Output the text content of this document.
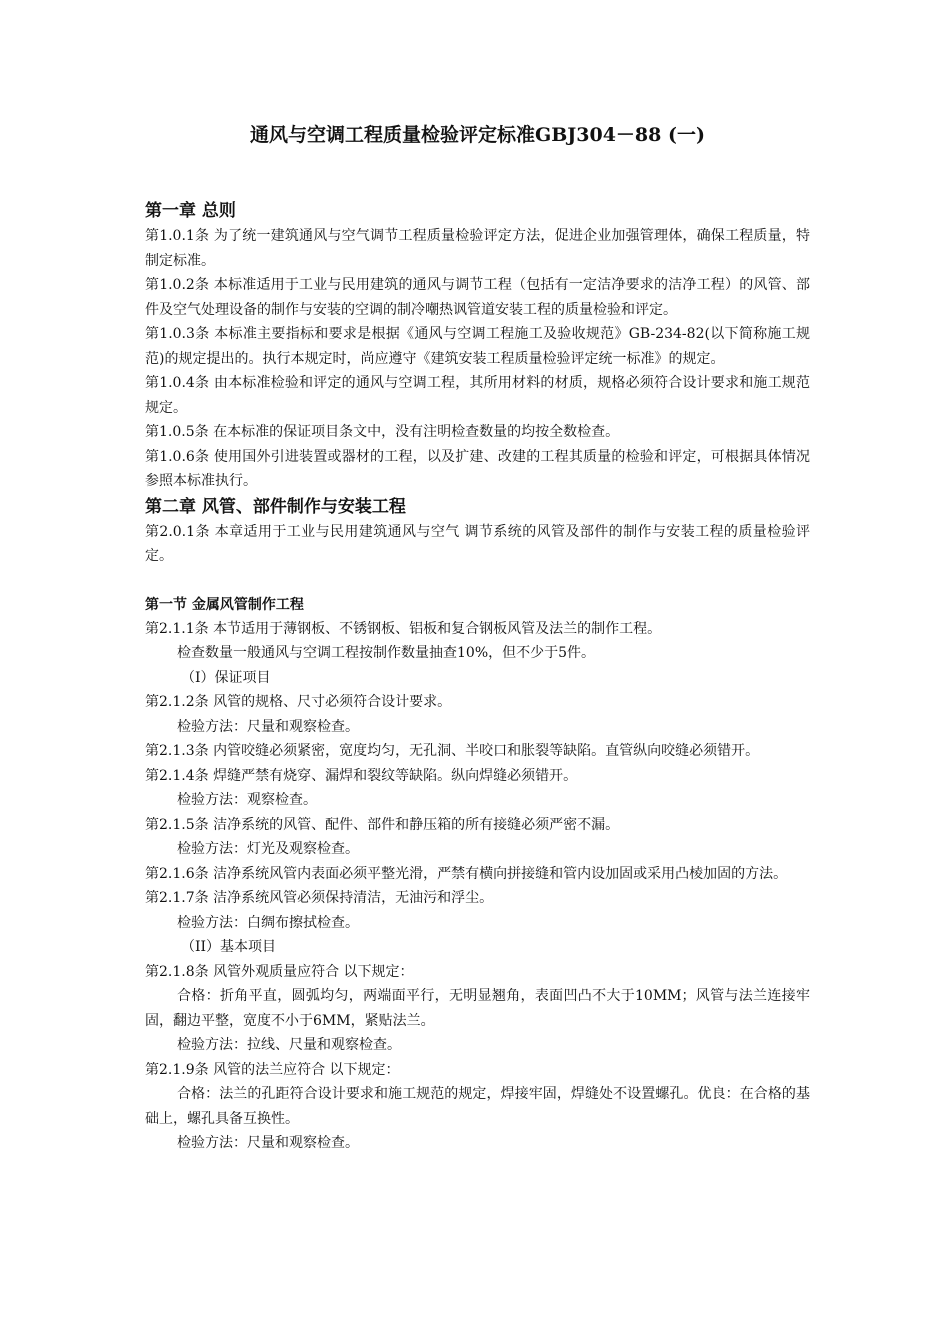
通风与空调工程质量检验评定标准GBJ304－88 (一)
第一章 总则

第1.0.1条 为了统一建筑通风与空气调节工程质量检验评定方法，促进企业加强管理体，确保工程质量，特制定标准。

第1.0.2条 本标准适用于工业与民用建筑的通风与调节工程（包括有一定洁净要求的洁净工程）的风管、部件及空气处理设备的制作与安装的空调的制冷嘲热讽管道安装工程的质量检验和评定。

第1.0.3条 本标准主要指标和要求是根据《通风与空调工程施工及验收规范》GB-234-82(以下简称施工规范)的规定提出的。执行本规定时，尚应遵守《建筑安装工程质量检验评定统一标准》的规定。

第1.0.4条 由本标准检验和评定的通风与空调工程，其所用材料的材质，规格必须符合设计要求和施工规范规定。

第1.0.5条 在本标准的保证项目条文中，没有注明检查数量的均按全数检查。

第1.0.6条 使用国外引进装置或器材的工程，以及扩建、改建的工程其质量的检验和评定，可根据具体情况参照本标准执行。

第二章 风管、部件制作与安装工程

第2.0.1条 本章适用于工业与民用建筑通风与空气 调节系统的风管及部件的制作与安装工程的质量检验评定。

第一节 金属风管制作工程

第2.1.1条 本节适用于薄钢板、不锈钢板、铝板和复合钢板风管及法兰的制作工程。

检查数量一般通风与空调工程按制作数量抽查10%，但不少于5件。

（I）保证项目

第2.1.2条 风管的规格、尺寸必须符合设计要求。

检验方法：尺量和观察检查。

第2.1.3条 内管咬缝必须紧密，宽度均匀，无孔洞、半咬口和胀裂等缺陷。直管纵向咬缝必须错开。

第2.1.4条 焊缝严禁有烧穿、漏焊和裂纹等缺陷。纵向焊缝必须错开。

检验方法：观察检查。

第2.1.5条 洁净系统的风管、配件、部件和静压箱的所有接缝必须严密不漏。

检验方法：灯光及观察检查。

第2.1.6条 洁净系统风管内表面必须平整光滑，严禁有横向拼接缝和管内设加固或采用凸棱加固的方法。

第2.1.7条 洁净系统风管必须保持清洁，无油污和浮尘。

检验方法：白绸布擦拭检查。

（II）基本项目

第2.1.8条 风管外观质量应符合 以下规定：

合格：折角平直，圆弧均匀，两端面平行，无明显翘角，表面凹凸不大于10MM；风管与法兰连接牢固，翻边平整，宽度不小于6MM，紧贴法兰。

检验方法：拉线、尺量和观察检查。

第2.1.9条 风管的法兰应符合 以下规定：

合格：法兰的孔距符合设计要求和施工规范的规定，焊接牢固，焊缝处不设置螺孔。优良：在合格的基础上，螺孔具备互换性。

检验方法：尺量和观察检查。
